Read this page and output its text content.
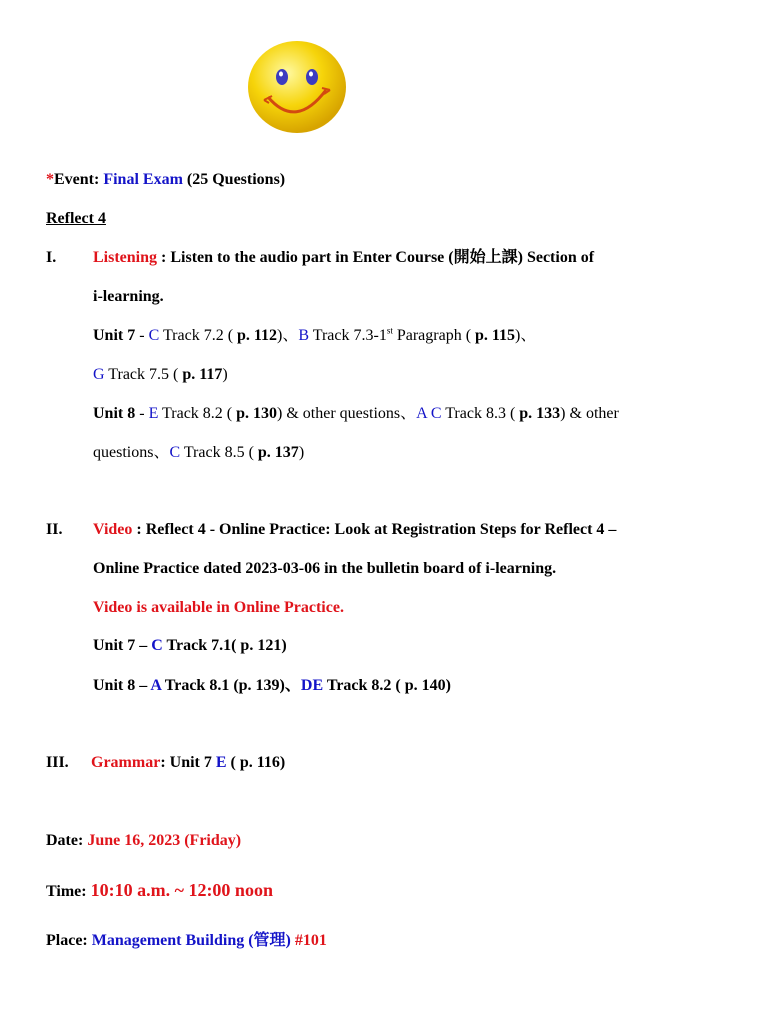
*Event: Final Exam (25 Questions)
Reflect 4
I. Listening : Listen to the audio part in Enter Course (開始上課) Section of
i-learning.
Unit 7 - C Track 7.2 ( p. 112)、B Track 7.3-1st Paragraph ( p. 115)、
G Track 7.5 ( p. 117)
Unit 8 - E Track 8.2 ( p. 130) & other questions、A C Track 8.3 ( p. 133) & other
questions、C Track 8.5 ( p. 137)
II. Video : Reflect 4 - Online Practice: Look at Registration Steps for Reflect 4 –
Online Practice dated 2023-03-06 in the bulletin board of i-learning.
Video is available in Online Practice.
Unit 7 – C Track 7.1( p. 121)
Unit 8 – A Track 8.1 (p. 139)、DE Track 8.2 ( p. 140)
III. Grammar: Unit 7 E ( p. 116)
Date: June 16, 2023 (Friday)
Time: 10:10 a.m. ~ 12:00 noon
Place: Management Building (管理) #101
